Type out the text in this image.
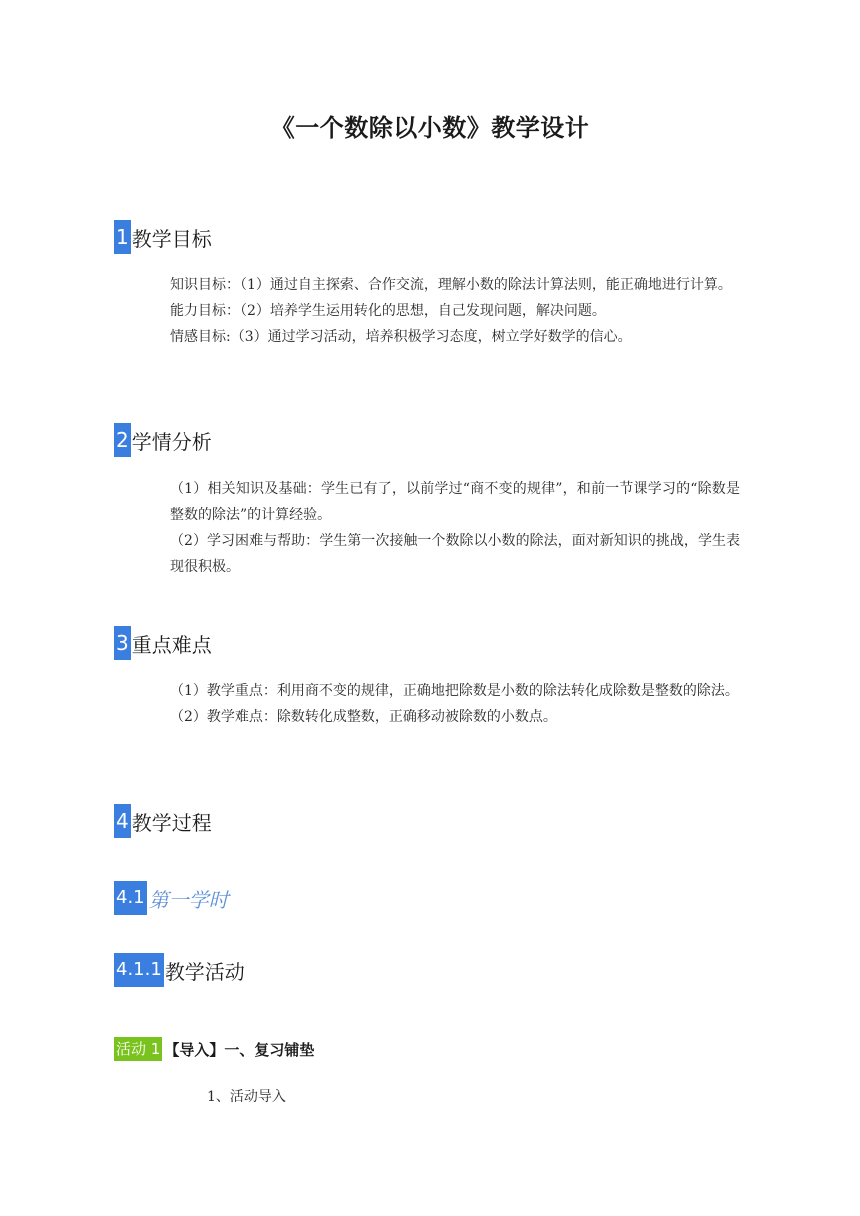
《一个数除以小数》教学设计
1 教学目标

知识目标：（1）通过自主探索、合作交流，理解小数的除法计算法则，能正确地进行计算。

能力目标：（2）培养学生运用转化的思想，自己发现问题，解决问题。

情感目标:（3）通过学习活动，培养积极学习态度，树立学好数学的信心。

2 学情分析

（1）相关知识及基础：学生已有了，以前学过“商不变的规律”，和前一节课学习的“除数是整数的除法”的计算经验。

（2）学习困难与帮助：学生第一次接触一个数除以小数的除法，面对新知识的挑战，学生表现很积极。

3 重点难点

（1）教学重点：利用商不变的规律，正确地把除数是小数的除法转化成除数是整数的除法。

（2）教学难点：除数转化成整数，正确移动被除数的小数点。

4 教学过程
4.1 第一学时
4.1.1 教学活动
活动 1 【导入】一、复习铺垫
1、活动导入
